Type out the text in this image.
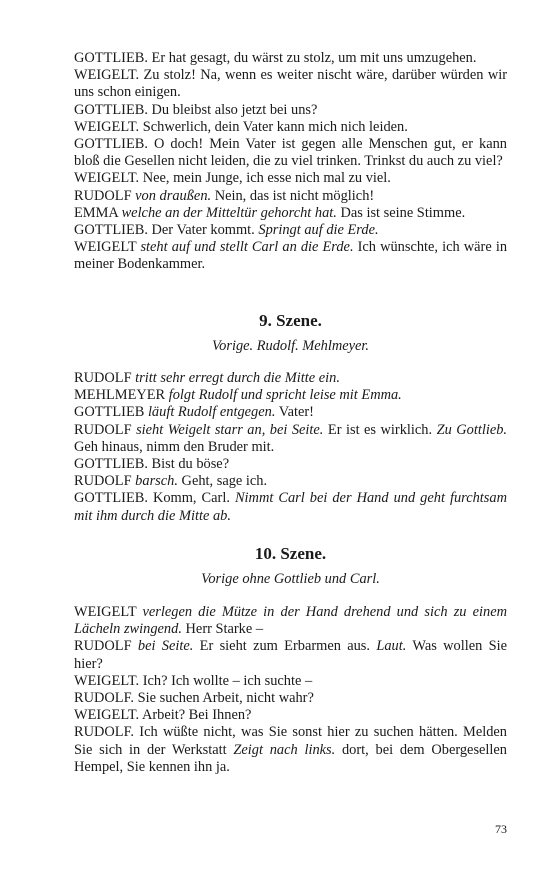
GOTTLIEB. Er hat gesagt, du wärst zu stolz, um mit uns umzugehen.

WEIGELT. Zu stolz! Na, wenn es weiter nischt wäre, darüber würden wir uns schon einigen.

GOTTLIEB. Du bleibst also jetzt bei uns?

WEIGELT. Schwerlich, dein Vater kann mich nich leiden.

GOTTLIEB. O doch! Mein Vater ist gegen alle Menschen gut, er kann bloß die Gesellen nicht leiden, die zu viel trinken. Trinkst du auch zu viel?

WEIGELT. Nee, mein Junge, ich esse nich mal zu viel.

RUDOLF von draußen. Nein, das ist nicht möglich!

EMMA welche an der Mitteltür gehorcht hat. Das ist seine Stimme.

GOTTLIEB. Der Vater kommt. Springt auf die Erde.

WEIGELT steht auf und stellt Carl an die Erde. Ich wünschte, ich wäre in meiner Bodenkammer.

9. Szene.
Vorige. Rudolf. Mehlmeyer.

RUDOLF tritt sehr erregt durch die Mitte ein.

MEHLMEYER folgt Rudolf und spricht leise mit Emma.

GOTTLIEB läuft Rudolf entgegen. Vater!

RUDOLF sieht Weigelt starr an, bei Seite. Er ist es wirklich. Zu Gottlieb. Geh hinaus, nimm den Bruder mit.

GOTTLIEB. Bist du böse?

RUDOLF barsch. Geht, sage ich.

GOTTLIEB. Komm, Carl. Nimmt Carl bei der Hand und geht furchtsam mit ihm durch die Mitte ab.

10. Szene.
Vorige ohne Gottlieb und Carl.

WEIGELT verlegen die Mütze in der Hand drehend und sich zu einem Lächeln zwingend. Herr Starke –

RUDOLF bei Seite. Er sieht zum Erbarmen aus. Laut. Was wollen Sie hier?

WEIGELT. Ich? Ich wollte – ich suchte –

RUDOLF. Sie suchen Arbeit, nicht wahr?

WEIGELT. Arbeit? Bei Ihnen?

RUDOLF. Ich wüßte nicht, was Sie sonst hier zu suchen hätten. Melden Sie sich in der Werkstatt Zeigt nach links. dort, bei dem Obergesellen Hempel, Sie kennen ihn ja.

73
